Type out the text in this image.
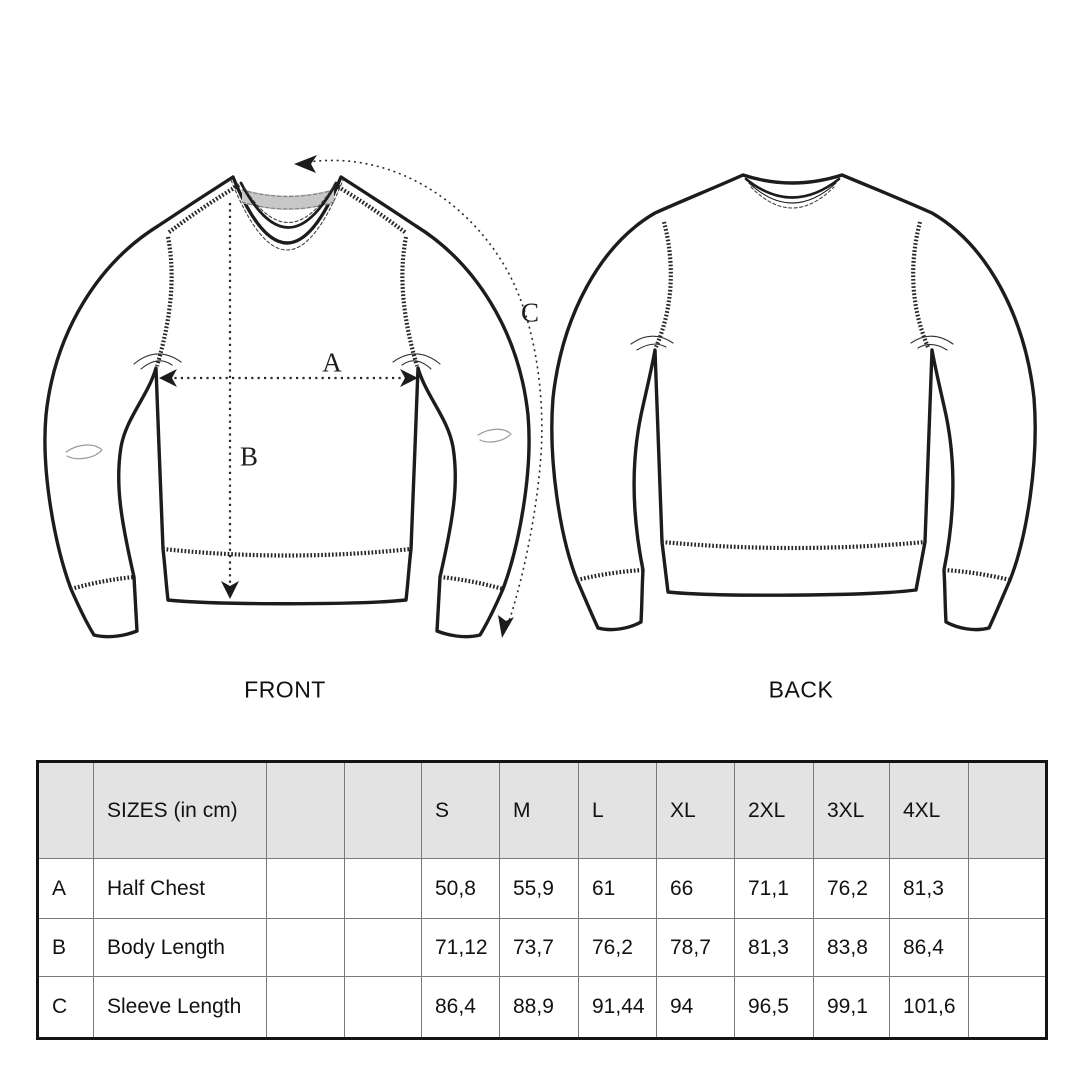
A
B
C
FRONT	BACK
	SIZES (in cm)			S	M	L	XL	2XL	3XL	4XL	
A	Half Chest			50,8	55,9	61	66	71,1	76,2	81,3	
B	Body Length			71,12	73,7	76,2	78,7	81,3	83,8	86,4	
C	Sleeve Length			86,4	88,9	91,44	94	96,5	99,1	101,6	
